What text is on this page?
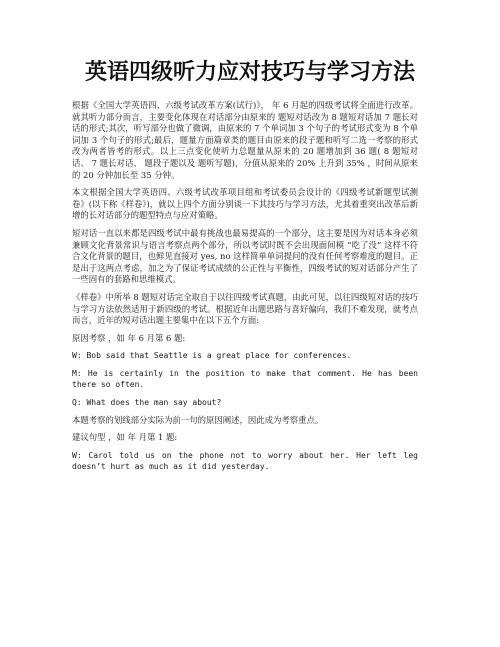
英语四级听力应对技巧与学习方法

根据《全国大学英语四、六级考试改革方案(试行)》， 年 6 月起的四级考试将全面进行改革。就其听力部分而言，主要变化体现在对话部分由原来的 题短对话改为 8 题短对话加 7 题长对话的形式;其次，听写部分也做了微调，由原来的 7 个单词加 3 个句子的考试形式变为 8 个单词加 3 个句子的形式;最后，题量方面篇章类的题目由原来的段子题和听写二选一考察的形式改为两者皆考的形式。以上三点变化使听力总题量从原来的 20 题增加到 36 题( 8 题短对话、 7 题长对话、 题段子题以及 题听写题)，分值从原来的 20% 上升到 35% ，时间从原来的 20 分钟加长至 35 分钟。

本文根据全国大学英语四、六级考试改革项目组和考试委员会设计的《四级考试新题型试测卷》(以下称《样卷》)，就以上四个方面分别谈一下其技巧与学习方法，尤其着重突出改革后新增的长对话部分的题型特点与应对策略。

短对话一直以来都是四级考试中最有挑战也最易提高的一个部分，这主要是因为对话本身必须兼顾文化背景常识与语言考察点两个部分，所以考试时既不会出现面间模 “吃了没” 这样不符合文化背景的题目，也鲜见直接对 yes, no 这样简单单词提问的没有任何考察难度的题目。正是出于这两点考虑，加之为了保证考试成绩的公正性与平衡性，四级考试的短对话部分产生了一些固有的套路和思维模式。

《样卷》中所举 8 题短对话完全取自于以往四级考试真题，由此可见，以往四级短对话的技巧与学习方法依然适用于新四级的考试。根据近年出题思路与喜好偏向，我们不难发现，就考点而言，近年的短对话出题主要集中在以下五个方面:

原因考察 ，如 年 6 月第 6 题:

W: Bob said that Seattle is a great place for conferences.

M: He is certainly in the position to make that comment. He has been there so often.

Q: What does the man say about?

本题考察的划线部分实际为前一句的原因阐述，因此成为考察重点。

建议句型 ，如 年 月第 1 题:

W: Carol told us on the phone not to worry about her. Her left leg doesn’t hurt as much as it did yesterday.
